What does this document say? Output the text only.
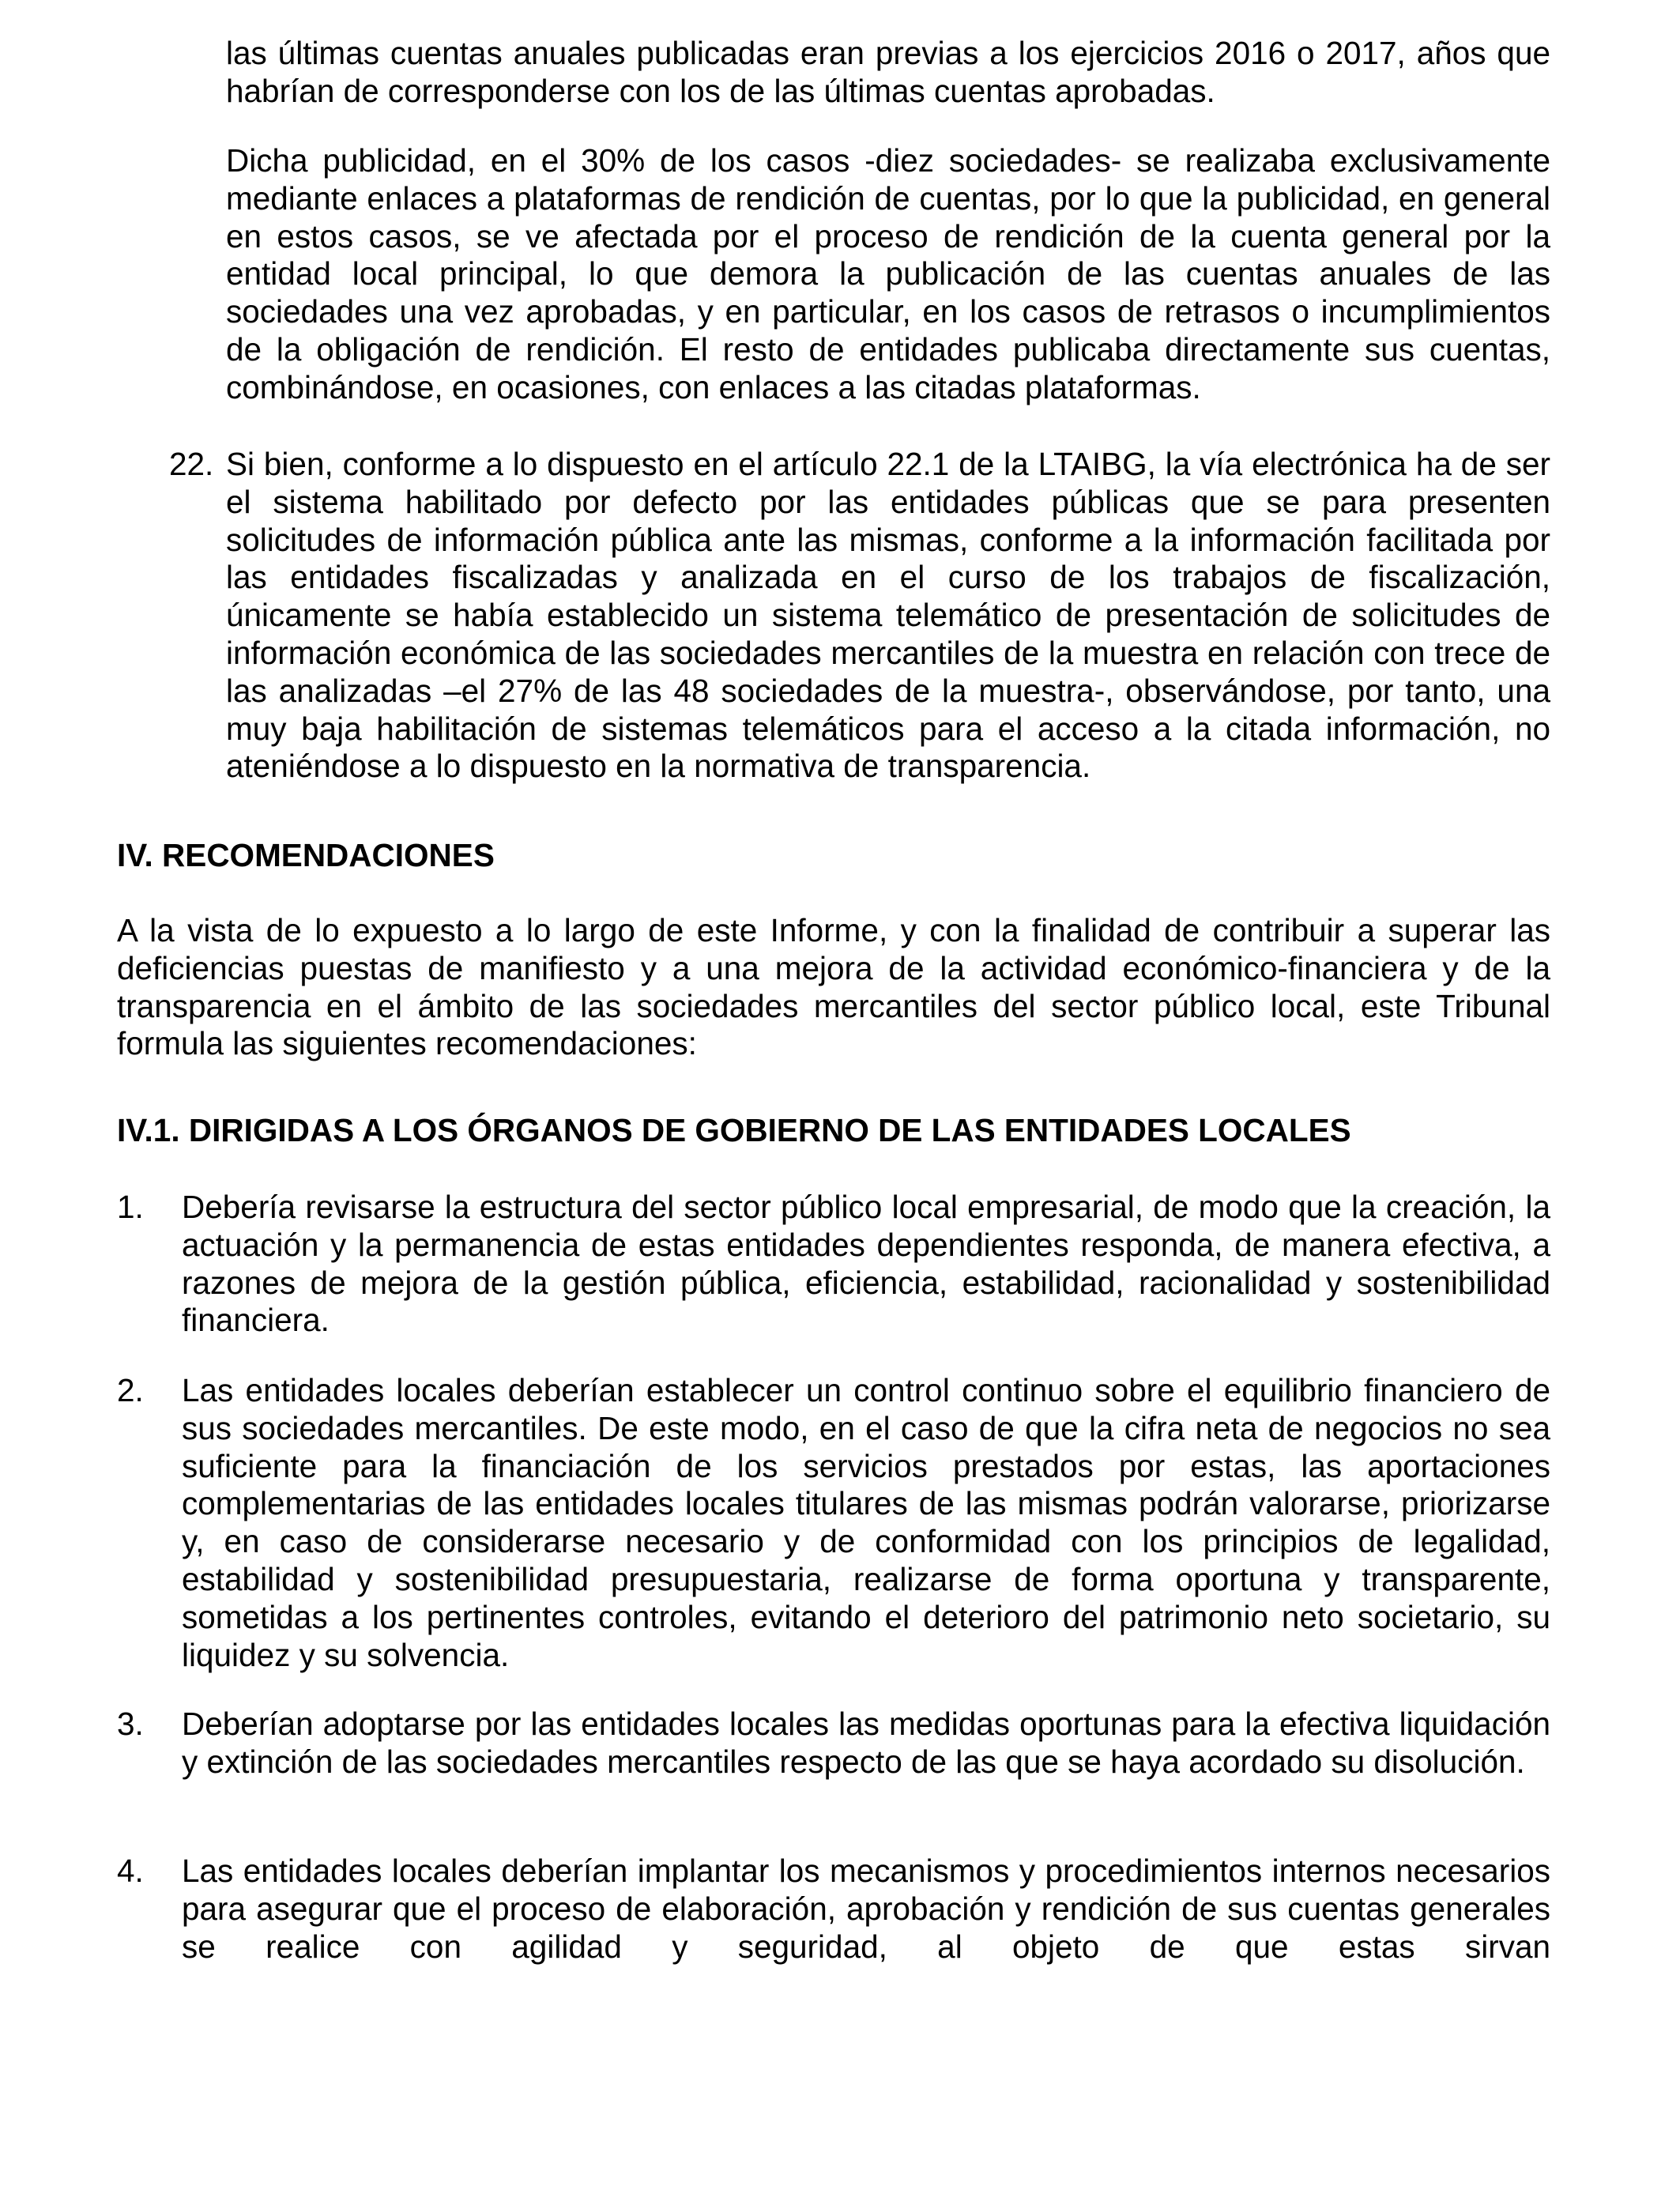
las últimas cuentas anuales publicadas eran previas a los ejercicios 2016 o 2017, años que habrían de corresponderse con los de las últimas cuentas aprobadas.

Dicha publicidad, en el 30% de los casos -diez sociedades- se realizaba exclusivamente mediante enlaces a plataformas de rendición de cuentas, por lo que la publicidad, en general en estos casos, se ve afectada por el proceso de rendición de la cuenta general por la entidad local principal, lo que demora la publicación de las cuentas anuales de las sociedades una vez aprobadas, y en particular, en los casos de retrasos o incumplimientos de la obligación de rendición. El resto de entidades publicaba directamente sus cuentas, combinándose, en ocasiones, con enlaces a las citadas plataformas.

22. Si bien, conforme a lo dispuesto en el artículo 22.1 de la LTAIBG, la vía electrónica ha de ser el sistema habilitado por defecto por las entidades públicas que se para presenten solicitudes de información pública ante las mismas, conforme a la información facilitada por las entidades fiscalizadas y analizada en el curso de los trabajos de fiscalización, únicamente se había establecido un sistema telemático de presentación de solicitudes de información económica de las sociedades mercantiles de la muestra en relación con trece de las analizadas –el 27% de las 48 sociedades de la muestra-, observándose, por tanto, una muy baja habilitación de sistemas telemáticos para el acceso a la citada información, no ateniéndose a lo dispuesto en la normativa de transparencia.

IV. RECOMENDACIONES

A la vista de lo expuesto a lo largo de este Informe, y con la finalidad de contribuir a superar las deficiencias puestas de manifiesto y a una mejora de la actividad económico-financiera y de la transparencia en el ámbito de las sociedades mercantiles del sector público local, este Tribunal formula las siguientes recomendaciones:

IV.1. DIRIGIDAS A LOS ÓRGANOS DE GOBIERNO DE LAS ENTIDADES LOCALES
1. Debería revisarse la estructura del sector público local empresarial, de modo que la creación, la actuación y la permanencia de estas entidades dependientes responda, de manera efectiva, a razones de mejora de la gestión pública, eficiencia, estabilidad, racionalidad y sostenibilidad financiera.

2. Las entidades locales deberían establecer un control continuo sobre el equilibrio financiero de sus sociedades mercantiles. De este modo, en el caso de que la cifra neta de negocios no sea suficiente para la financiación de los servicios prestados por estas, las aportaciones complementarias de las entidades locales titulares de las mismas podrán valorarse, priorizarse y, en caso de considerarse necesario y de conformidad con los principios de legalidad, estabilidad y sostenibilidad presupuestaria, realizarse de forma oportuna y transparente, sometidas a los pertinentes controles, evitando el deterioro del patrimonio neto societario, su liquidez y su solvencia.

3. Deberían adoptarse por las entidades locales las medidas oportunas para la efectiva liquidación y extinción de las sociedades mercantiles respecto de las que se haya acordado su disolución.

4. Las entidades locales deberían implantar los mecanismos y procedimientos internos necesarios para asegurar que el proceso de elaboración, aprobación y rendición de sus cuentas generales se realice con agilidad y seguridad, al objeto de que estas sirvan
